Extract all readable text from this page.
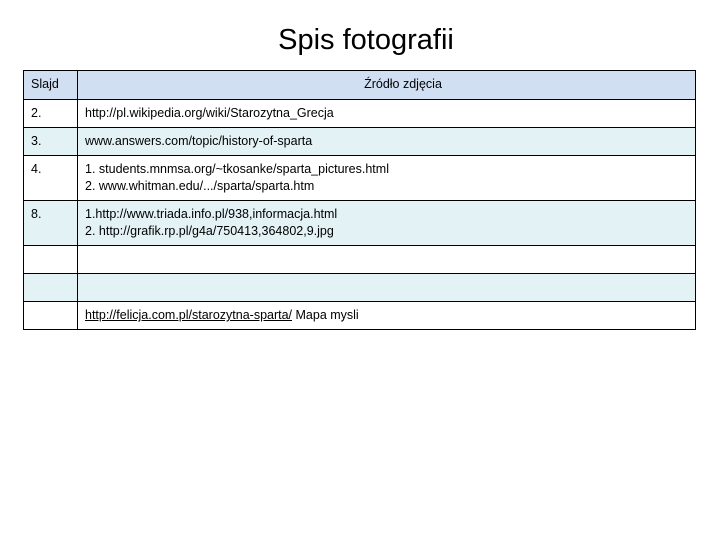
Spis fotografii
Slajd	Źródło zdjęcia
2.	http://pl.wikipedia.org/wiki/Starozytna_Grecja

3.	www.answers.com/topic/history-of-sparta

4.	1. students.mnmsa.org/~tkosanke/sparta_pictures.html
2. www.whitman.edu/.../sparta/sparta.htm

8.	1.http://www.triada.info.pl/938,informacja.html
2. http://grafik.rp.pl/g4a/750413,364802,9.jpg

	http://felicja.com.pl/starozytna-sparta/ Mapa mysli
